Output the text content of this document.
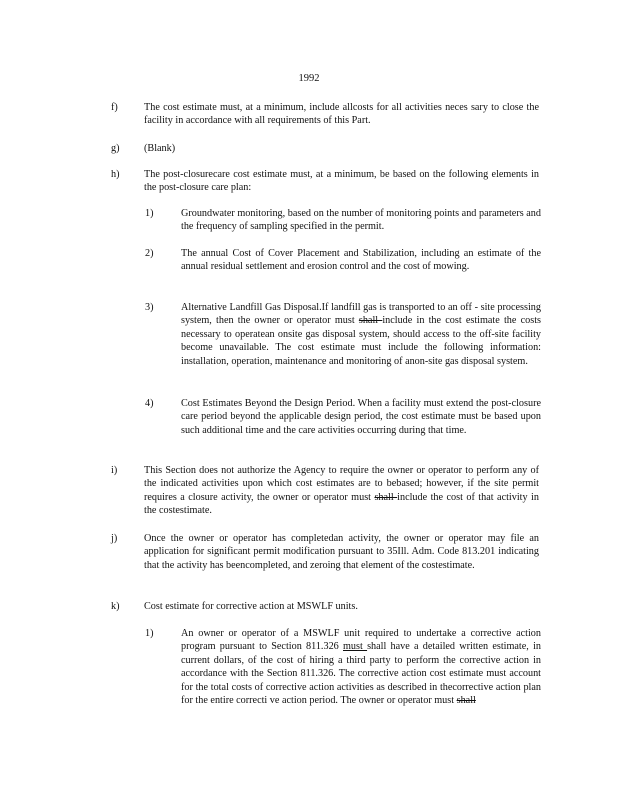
1992
f)	The cost estimate must, at a minimum, include allcosts for all activities neces sary to close the facility in accordance with all requirements of this Part.
g) (Blank)
h) The post-closurecare cost estimate must, at a minimum, be based on the following elements in the post-closure care plan:
1)	Groundwater monitoring, based on the number of monitoring points and parameters and the frequency of sampling specified in the permit.
2)	The annual Cost of Cover Placement and Stabilization, including an estimate of the annual residual settlement and erosion control and the cost of mowing.
3)	Alternative Landfill Gas Disposal.If landfill gas is transported to an off - site processing system, then the owner or operator must shall include in the cost estimate the costs necessary to operatean onsite gas disposal system, should access to the off-site facility become unavailable. The cost estimate must include the following information: installation, operation, maintenance and monitoring of anon-site gas disposal system.
4)	Cost Estimates Beyond the Design Period. When a facility must extend the post-closure care period beyond the applicable design period, the cost estimate must be based upon such additional time and the care activities occurring during that time.
i)	This Section does not authorize the Agency to require the owner or operator to perform any of the indicated activities upon which cost estimates are to bebased; however, if the site permit requires a closure activity, the owner or operator must shall include the cost of that activity in the costestimate.
j)	Once the owner or operator has completedan activity, the owner or operator may file an application for significant permit modification pursuant to 35Ill. Adm. Code 813.201 indicating that the activity has beencompleted, and zeroing that element of the costestimate.
k) Cost estimate for corrective action at MSWLF units.
1)	An owner or operator of a MSWLF unit required to undertake a corrective action program pursuant to Section 811.326 must shall have a detailed written estimate, in current dollars, of the cost of hiring a third party to perform the corrective action in accordance with the Section 811.326. The corrective action cost estimate must account for the total costs of corrective action activities as described in thecorrective action plan for the entire correcti ve action period. The owner or operator must shall
